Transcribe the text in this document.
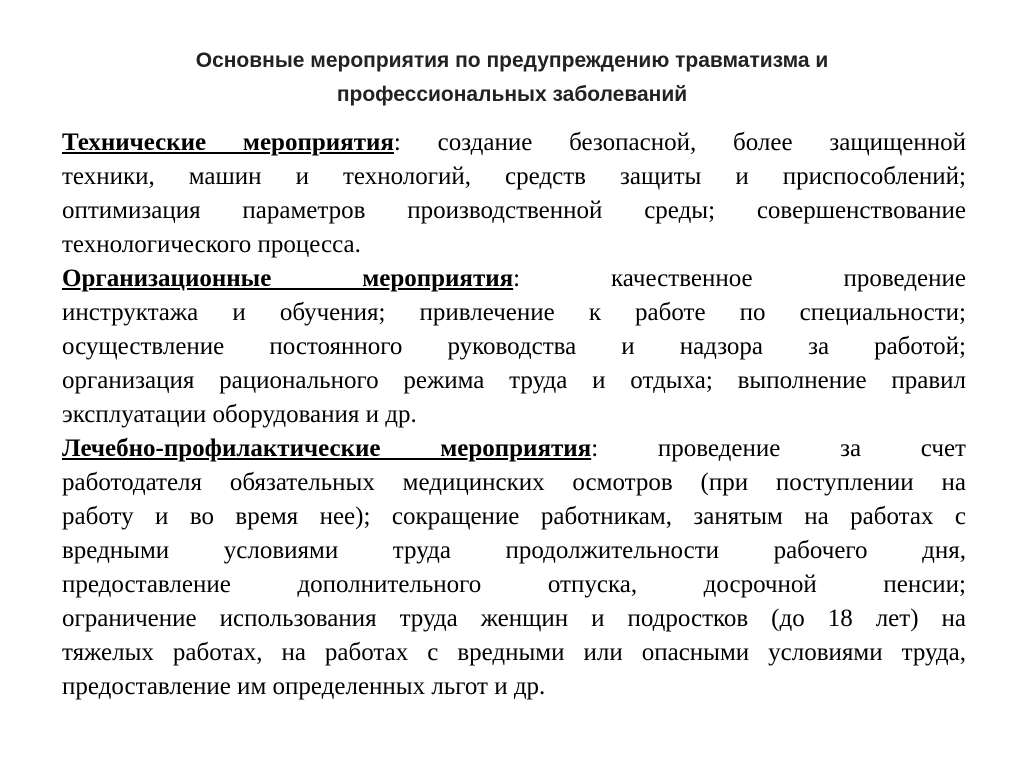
Основные мероприятия по предупреждению травматизма и
профессиональных заболеваний
Технические мероприятия: создание безопасной, более защищенной
техники, машин и технологий, средств защиты и приспособлений;
оптимизация параметров производственной среды; совершенствование
технологического процесса.
Организационные мероприятия: качественное проведение
инструктажа и обучения; привлечение к работе по специальности;
осуществление постоянного руководства и надзора за работой;
организация рационального режима труда и отдыха; выполнение правил
эксплуатации оборудования и др.
Лечебно-профилактические мероприятия: проведение за счет
работодателя обязательных медицинских осмотров (при поступлении на
работу и во время нее); сокращение работникам, занятым на работах с
вредными условиями труда продолжительности рабочего дня,
предоставление дополнительного отпуска, досрочной пенсии;
ограничение использования труда женщин и подростков (до 18 лет) на
тяжелых работах, на работах с вредными или опасными условиями труда,
предоставление им определенных льгот и др.
